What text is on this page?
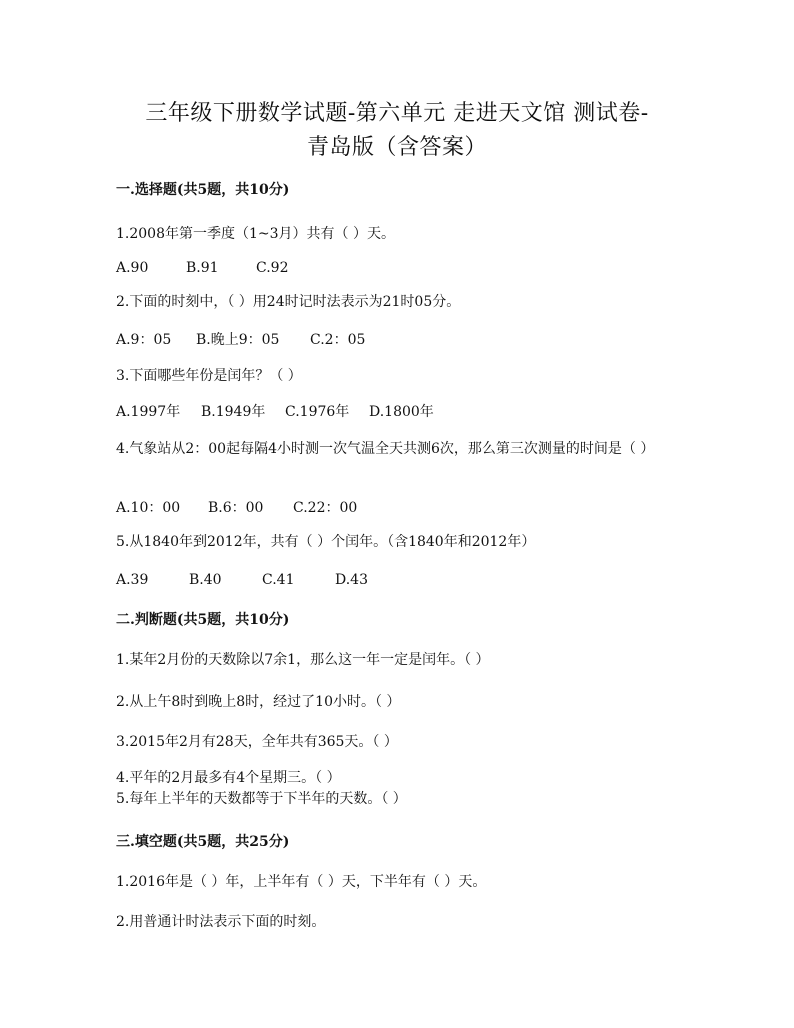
三年级下册数学试题-第六单元 走进天文馆 测试卷-
青岛版（含答案）
一.选择题(共5题，共10分)
1.2008年第一季度（1~3月）共有（ ）天。
A.90	B.91	C.92
2.下面的时刻中，（ ）用24时记时法表示为21时05分。
A.9：05 B.晚上9：05 C.2：05
3.下面哪些年份是闰年？（ ）
A.1997年 B.1949年 C.1976年 D.1800年
4.气象站从2：00起每隔4小时测一次气温全天共测6次，那么第三次测量的时间是（ ）
A.10：00 B.6：00 C.22：00
5.从1840年到2012年，共有（ ）个闰年。（含1840年和2012年）
A.39	B.40	C.41	D.43
二.判断题(共5题，共10分)
1.某年2月份的天数除以7余1，那么这一年一定是闰年。（ ）
2.从上午8时到晚上8时，经过了10小时。（ ）
3.2015年2月有28天，全年共有365天。（ ）
4.平年的2月最多有4个星期三。（ ）
5.每年上半年的天数都等于下半年的天数。（ ）
三.填空题(共5题，共25分)
1.2016年是（ ）年，上半年有（ ）天，下半年有（ ）天。
2.用普通计时法表示下面的时刻。
